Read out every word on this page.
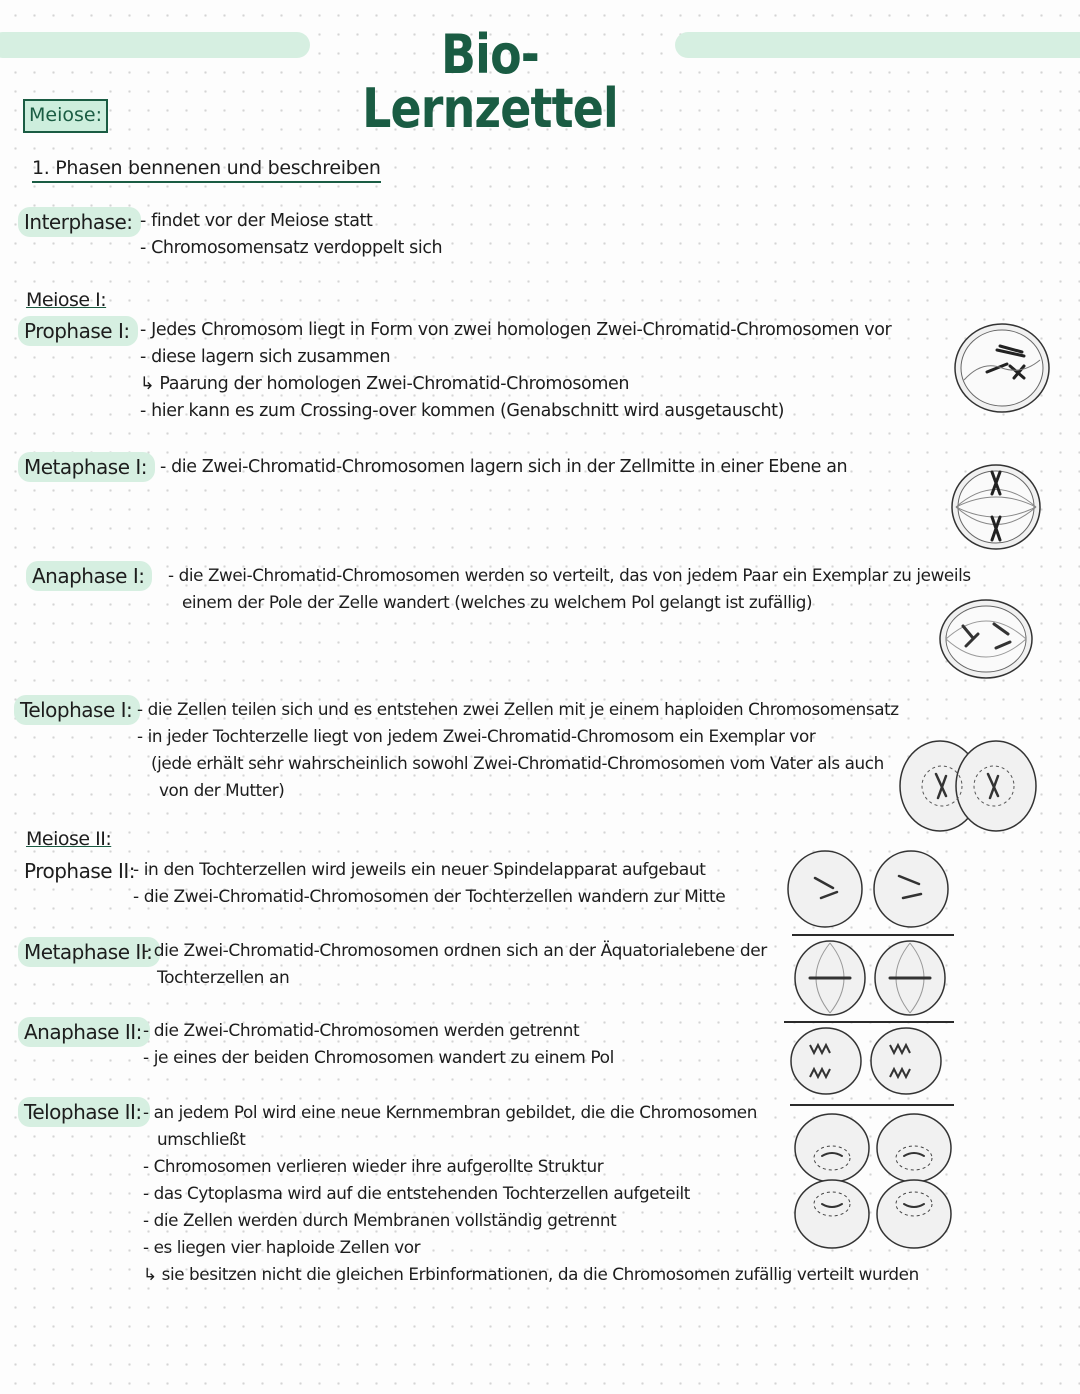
Bio-Lernzettel
Meiose:
1. Phasen bennenen und beschreiben
Interphase: - findet vor der Meiose statt
- Chromosomensatz verdoppelt sich
Meiose I:
Prophase I: - Jedes Chromosom liegt in Form von zwei homologen Zwei-Chromatid-Chromosomen vor
- diese lagern sich zusammen
↳ Paarung der homologen Zwei-Chromatid-Chromosomen
- hier kann es zum Crossing-over kommen (Genabschnitt wird ausgetauscht)
Metaphase I: - die Zwei-Chromatid-Chromosomen lagern sich in der Zellmitte in einer Ebene an
Anaphase I:	- die Zwei-Chromatid-Chromosomen werden so verteilt, das von jedem Paar ein Exemplar zu jeweils
einem der Pole der Zelle wandert (welches zu welchem Pol gelangt ist zufällig)
Telophase I: - die Zellen teilen sich und es entstehen zwei Zellen mit je einem haploiden Chromosomensatz
- in jeder Tochterzelle liegt von jedem Zwei-Chromatid-Chromosom ein Exemplar vor
(jede erhält sehr wahrscheinlich sowohl Zwei-Chromatid-Chromosomen vom Vater als auch
von der Mutter)
Meiose II:
Prophase II:
- in den Tochterzellen wird jeweils ein neuer Spindelapparat aufgebaut
- die Zwei-Chromatid-Chromosomen der Tochterzellen wandern zur Mitte
Metaphase II:
- die Zwei-Chromatid-Chromosomen ordnen sich an der Äquatorialebene der
Tochterzellen an
Anaphase II: - die Zwei-Chromatid-Chromosomen werden getrennt
- je eines der beiden Chromosomen wandert zu einem Pol
Telophase II: - an jedem Pol wird eine neue Kernmembran gebildet, die die Chromosomen
umschließt
- Chromosomen verlieren wieder ihre aufgerollte Struktur
- das Cytoplasma wird auf die entstehenden Tochterzellen aufgeteilt
- die Zellen werden durch Membranen vollständig getrennt
- es liegen vier haploide Zellen vor
↳ sie besitzen nicht die gleichen Erbinformationen, da die Chromosomen zufällig verteilt wurden
